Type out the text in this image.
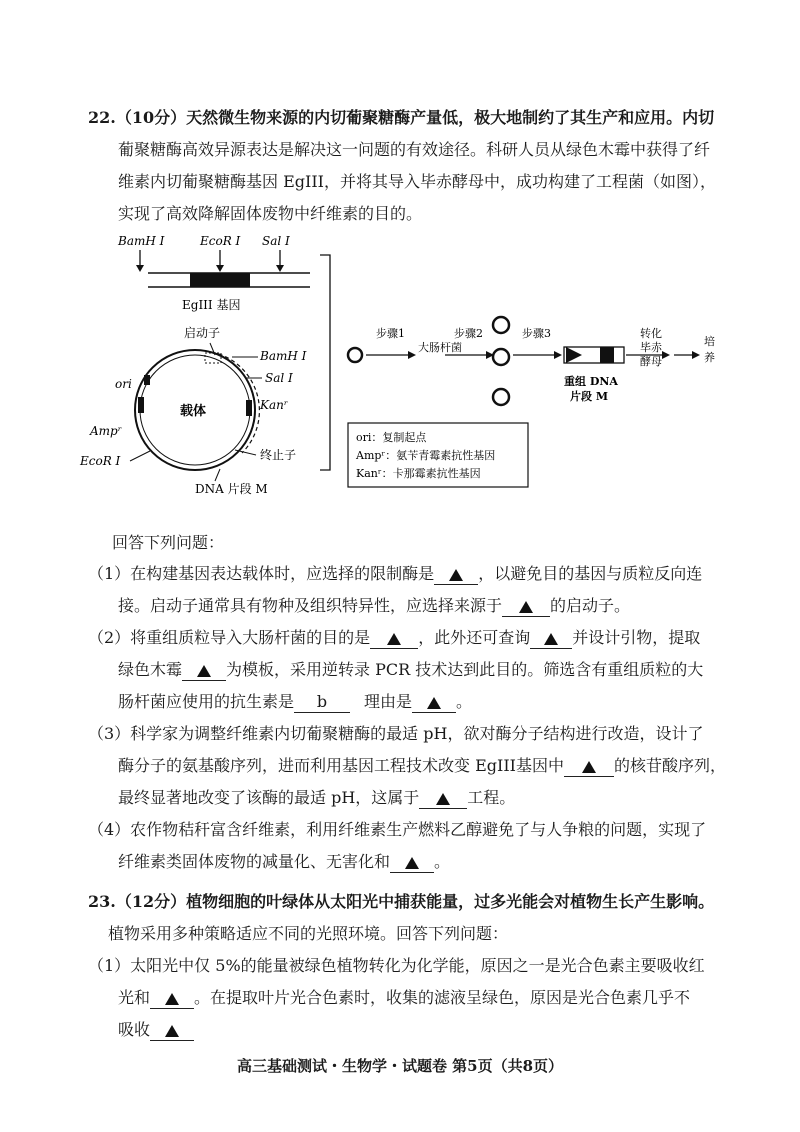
22.（10分）天然微生物来源的内切葡聚糖酶产量低，极大地制约了其生产和应用。内切
葡聚糖酶高效异源表达是解决这一问题的有效途径。科研人员从绿色木霉中获得了纤
维素内切葡聚糖酶基因 EgIII，并将其导入毕赤酵母中，成功构建了工程菌（如图），
实现了高效降解固体废物中纤维素的目的。
BamH Ⅰ	EcoR Ⅰ Sal Ⅰ
EgIII 基因
启动子
载体
BamH Ⅰ
Sal Ⅰ
Kanʳ
ori
Ampʳ
EcoR Ⅰ	终止子
DNA 片段 M
步骤1
大肠杆菌
步骤2	步骤3
重组 DNA
片段 M
转化
毕赤
酵母
培
养
ori：复制起点
Ampʳ：氨苄青霉素抗性基因
Kanʳ：卡那霉素抗性基因
回答下列问题：
（1）在构建基因表达载体时，应选择的限制酶是	，以避免目的基因与质粒反向连
接。启动子通常具有物种及组织特异性，应选择来源于	的启动子。
（2）将重组质粒导入大肠杆菌的目的是	，此外还可查询	并设计引物，提取
绿色木霉	为模板，采用逆转录 PCR 技术达到此目的。筛选含有重组质粒的大
肠杆菌应使用的抗生素是 b 理由是	。
（3）科学家为调整纤维素内切葡聚糖酶的最适 pH，欲对酶分子结构进行改造，设计了
酶分子的氨基酸序列，进而利用基因工程技术改变 EgIII基因中	的核苷酸序列，
最终显著地改变了该酶的最适 pH，这属于	工程。
（4）农作物秸秆富含纤维素，利用纤维素生产燃料乙醇避免了与人争粮的问题，实现了
纤维素类固体废物的减量化、无害化和	。
23.（12分）植物细胞的叶绿体从太阳光中捕获能量，过多光能会对植物生长产生影响。
植物采用多种策略适应不同的光照环境。回答下列问题：
（1）太阳光中仅 5%的能量被绿色植物转化为化学能，原因之一是光合色素主要吸收红
光和	。在提取叶片光合色素时，收集的滤液呈绿色，原因是光合色素几乎不
吸收
高三基础测试・生物学・试题卷 第5页（共8页）
